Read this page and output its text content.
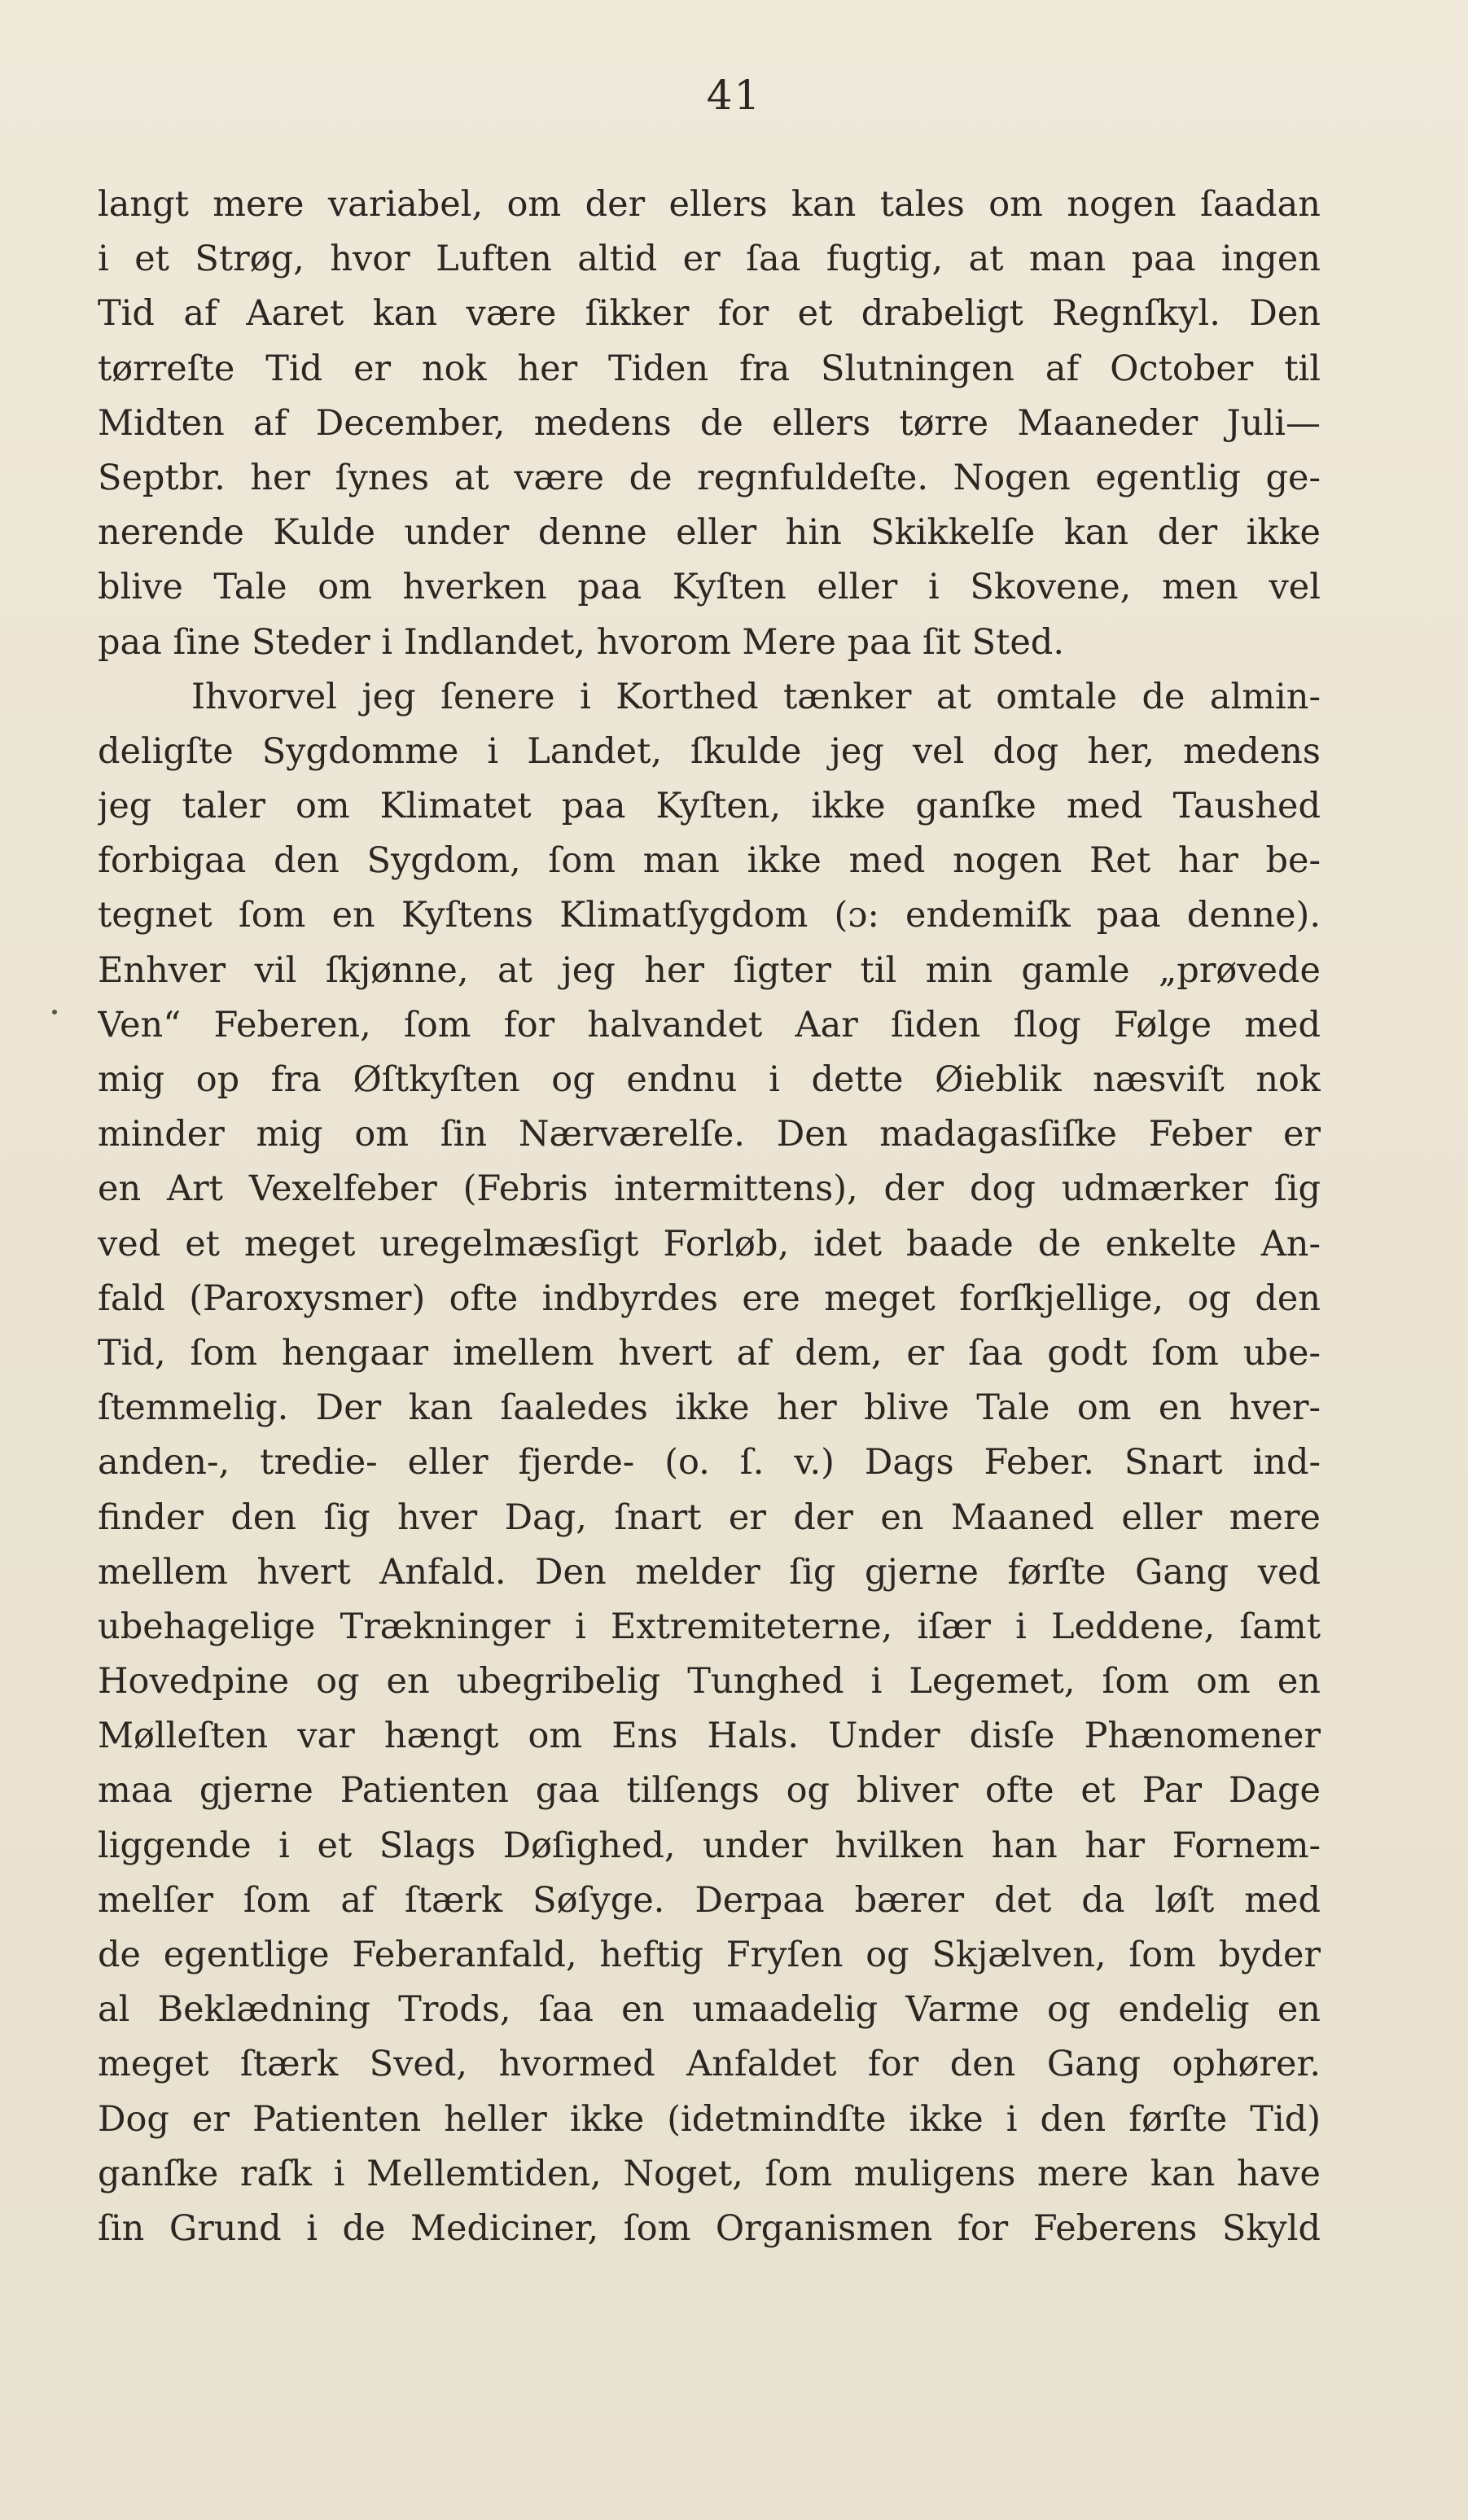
41
langt mere variabel, om der ellers kan tales om nogen ſaadan
i et Strøg, hvor Luften altid er ſaa fugtig, at man paa ingen
Tid af Aaret kan være ſikker for et drabeligt Regnſkyl. Den
tørreſte Tid er nok her Tiden fra Slutningen af October til
Midten af December, medens de ellers tørre Maaneder Juli—
Septbr. her ſynes at være de regnfuldeſte. Nogen egentlig ge-
nerende Kulde under denne eller hin Skikkelſe kan der ikke
blive Tale om hverken paa Kyſten eller i Skovene, men vel
paa ſine Steder i Indlandet, hvorom Mere paa ſit Sted.
Ihvorvel jeg ſenere i Korthed tænker at omtale de almin-
deligſte Sygdomme i Landet, ſkulde jeg vel dog her, medens
jeg taler om Klimatet paa Kyſten, ikke ganſke med Taushed
forbigaa den Sygdom, ſom man ikke med nogen Ret har be-
tegnet ſom en Kyſtens Klimatſygdom (ɔ: endemiſk paa denne).
Enhver vil ſkjønne, at jeg her ſigter til min gamle „prøvede
Ven“ Feberen, ſom for halvandet Aar ſiden ſlog Følge med
mig op fra Øſtkyſten og endnu i dette Øieblik næsviſt nok
minder mig om ſin Nærværelſe. Den madagasſiſke Feber er
en Art Vexelfeber (Febris intermittens), der dog udmærker ſig
ved et meget uregelmæsſigt Forløb, idet baade de enkelte An-
fald (Paroxysmer) ofte indbyrdes ere meget forſkjellige, og den
Tid, ſom hengaar imellem hvert af dem, er ſaa godt ſom ube-
ſtemmelig. Der kan ſaaledes ikke her blive Tale om en hver-
anden-, tredie- eller fjerde- (o. ſ. v.) Dags Feber. Snart ind-
finder den ſig hver Dag, ſnart er der en Maaned eller mere
mellem hvert Anfald. Den melder ſig gjerne førſte Gang ved
ubehagelige Trækninger i Extremiteterne, iſær i Leddene, ſamt
Hovedpine og en ubegribelig Tunghed i Legemet, ſom om en
Mølleſten var hængt om Ens Hals. Under disſe Phænomener
maa gjerne Patienten gaa tilſengs og bliver ofte et Par Dage
liggende i et Slags Døſighed, under hvilken han har Fornem-
melſer ſom af ſtærk Søſyge. Derpaa bærer det da løſt med
de egentlige Feberanfald, heftig Fryſen og Skjælven, ſom byder
al Beklædning Trods, ſaa en umaadelig Varme og endelig en
meget ſtærk Sved, hvormed Anfaldet for den Gang ophører.
Dog er Patienten heller ikke (idetmindſte ikke i den førſte Tid)
ganſke raſk i Mellemtiden, Noget, ſom muligens mere kan have
ſin Grund i de Mediciner, ſom Organismen for Feberens Skyld
